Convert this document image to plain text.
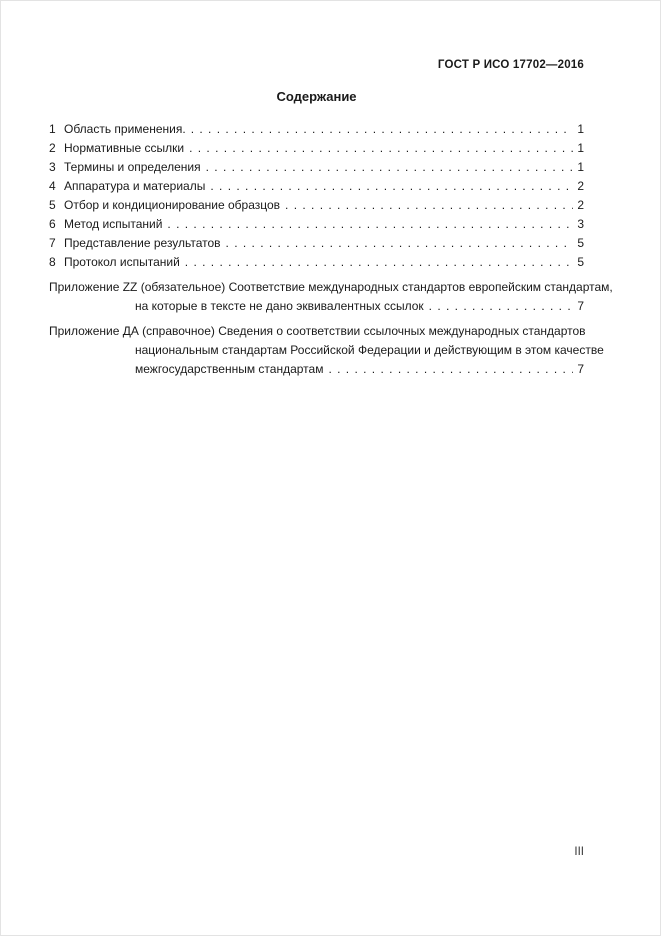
ГОСТ Р ИСО 17702—2016
Содержание
1 Область применения. . . .	1
2 Нормативные ссылки . . .	1
3 Термины и определения . . .	1
4 Аппаратура и материалы . . .	2
5 Отбор и кондиционирование образцов . . .	2
6 Метод испытаний . . .	3
7 Представление результатов . . .	5
8 Протокол испытаний . . .	5
Приложение ZZ (обязательное) Соответствие международных стандартов европейским стандартам,
на которые в тексте не дано эквивалентных ссылок . . .	7
Приложение ДА (справочное) Сведения о соответствии ссылочных международных стандартов
национальным стандартам Российской Федерации и действующим в этом качестве
межгосударственным стандартам . . .	7
III
